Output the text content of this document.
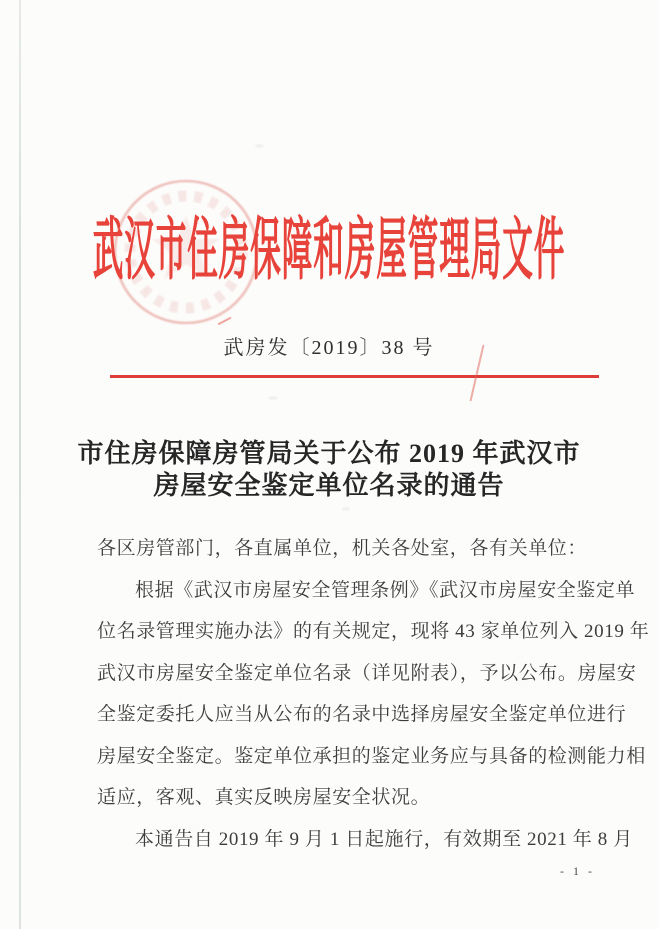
武汉市住房保障和房屋管理局文件
武房发〔2019〕38 号
市住房保障房管局关于公布 2019 年武汉市
房屋安全鉴定单位名录的通告
各区房管部门，各直属单位，机关各处室，各有关单位：
根据《武汉市房屋安全管理条例》《武汉市房屋安全鉴定单
位名录管理实施办法》的有关规定，现将 43 家单位列入 2019 年
武汉市房屋安全鉴定单位名录（详见附表），予以公布。房屋安
全鉴定委托人应当从公布的名录中选择房屋安全鉴定单位进行
房屋安全鉴定。鉴定单位承担的鉴定业务应与具备的检测能力相
适应，客观、真实反映房屋安全状况。
本通告自 2019 年 9 月 1 日起施行，有效期至 2021 年 8 月
- 1 -
